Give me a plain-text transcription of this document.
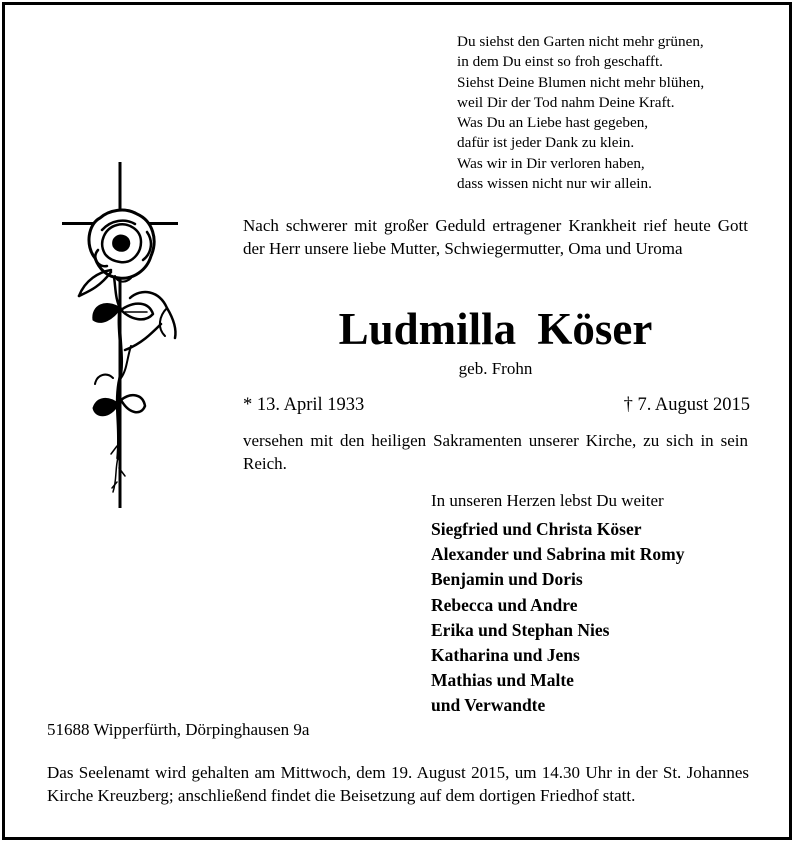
Du siehst den Garten nicht mehr grünen,
in dem Du einst so froh geschafft.
Siehst Deine Blumen nicht mehr blühen,
weil Dir der Tod nahm Deine Kraft.
Was Du an Liebe hast gegeben,
dafür ist jeder Dank zu klein.
Was wir in Dir verloren haben,
dass wissen nicht nur wir allein.
Nach schwerer mit großer Geduld ertragener Krankheit rief heute Gott der Herr unsere liebe Mutter, Schwiegermutter, Oma und Uroma
Ludmilla Köser
geb. Frohn
* 13. April 1933	† 7. August 2015
versehen mit den heiligen Sakramenten unserer Kirche, zu sich in sein Reich.
In unseren Herzen lebst Du weiter
Siegfried und Christa Köser
Alexander und Sabrina mit Romy
Benjamin und Doris
Rebecca und Andre
Erika und Stephan Nies
Katharina und Jens
Mathias und Malte
und Verwandte
51688 Wipperfürth, Dörpinghausen 9a
Das Seelenamt wird gehalten am Mittwoch, dem 19. August 2015, um 14.30 Uhr in der St. Johannes Kirche Kreuzberg; anschließend findet die Beisetzung auf dem dortigen Friedhof statt.
